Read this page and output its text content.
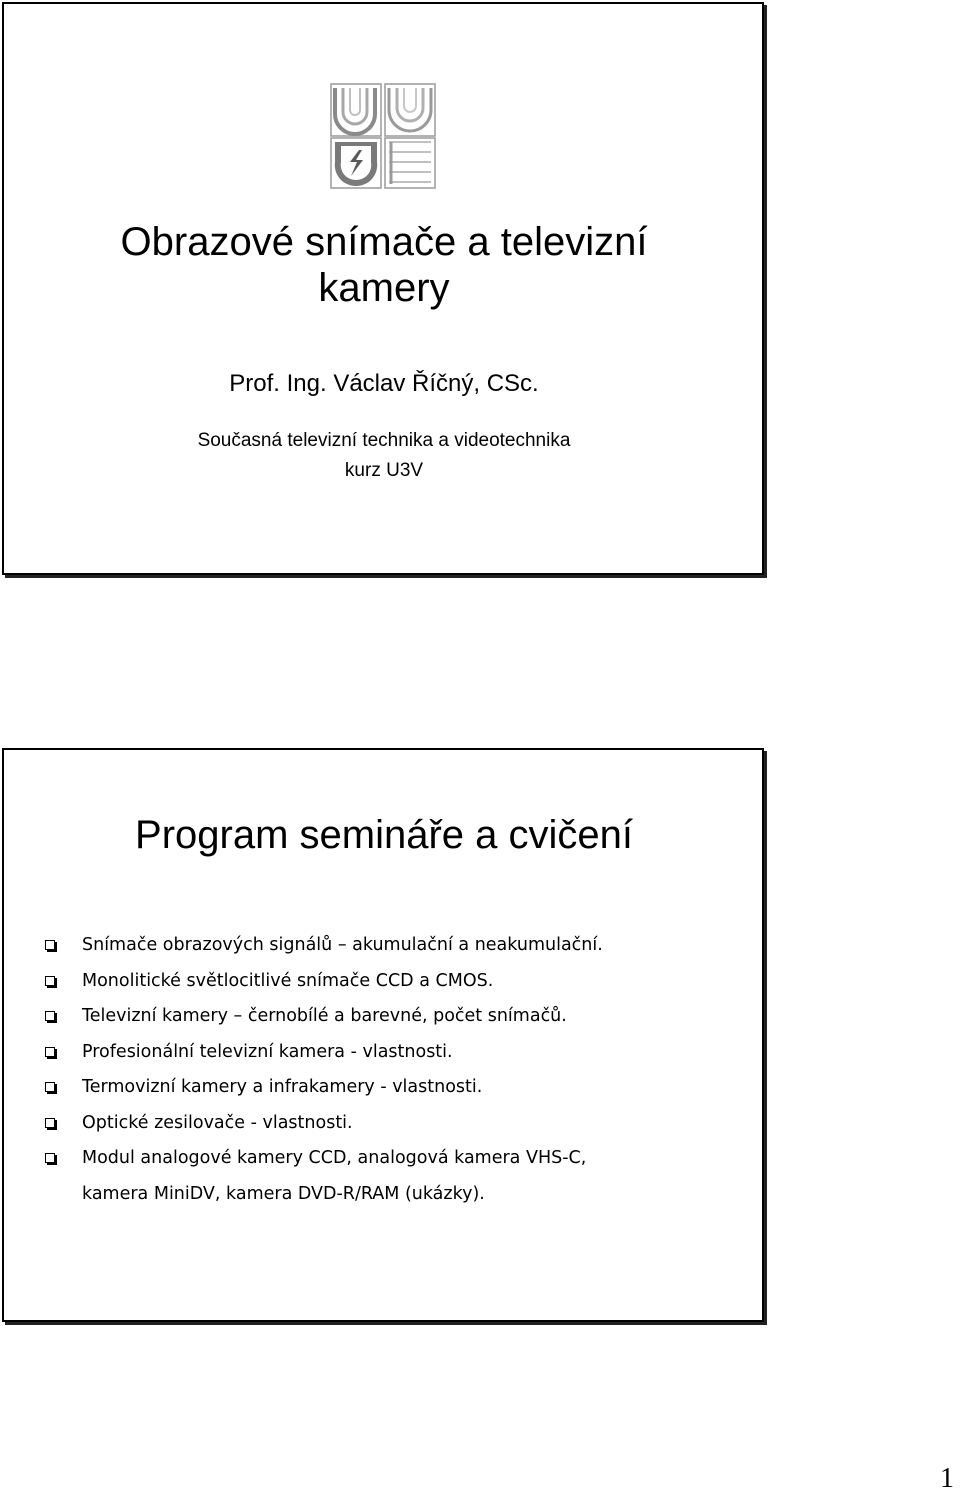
Obrazové snímače a televizní
kamery
Prof. Ing. Václav Říčný, CSc.
Současná televizní technika a videotechnika
kurz U3V
Program semináře a cvičení
Snímače obrazových signálů – akumulační a neakumulační.
Monolitické světlocitlivé snímače CCD a CMOS.
Televizní kamery – černobílé a barevné, počet snímačů.
Profesionální televizní kamera - vlastnosti.
Termovizní kamery a infrakamery - vlastnosti.
Optické zesilovače - vlastnosti.
Modul analogové kamery CCD, analogová kamera VHS-C,
kamera MiniDV, kamera DVD-R/RAM (ukázky).
1
